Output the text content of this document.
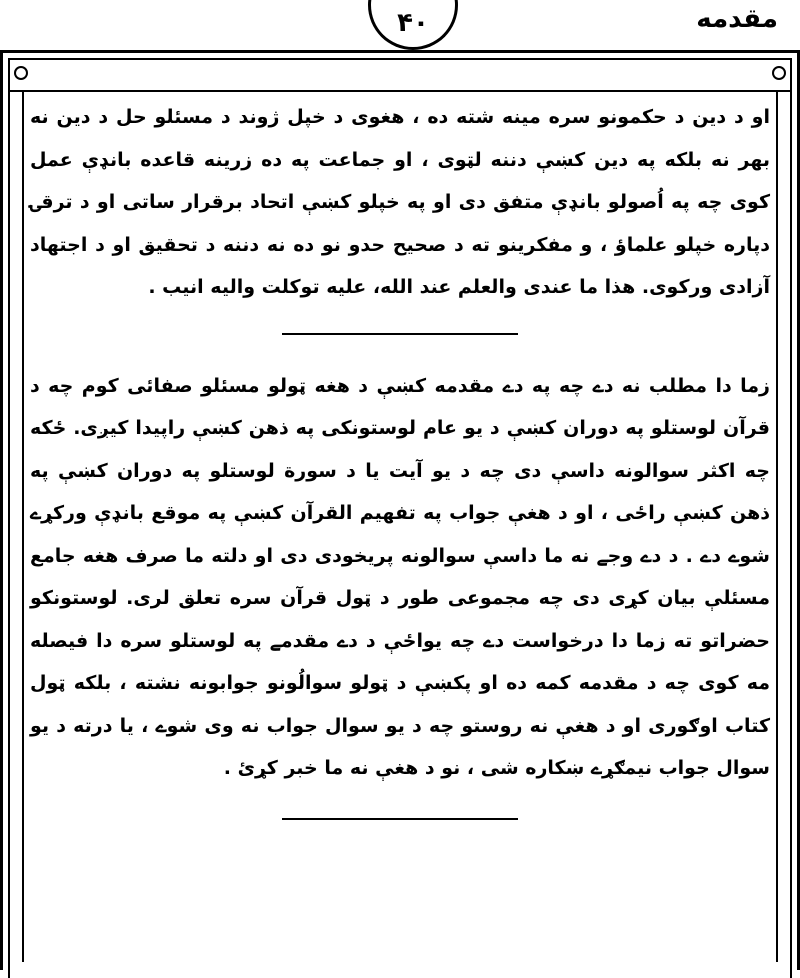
۴۰	مقدمه

او د دین د حکمونو سره مینه شته ده ، هغوی د خپل ژوند د مسئلو حل د دین نه بهر نه بلکه په دین کښې دننه لټوی ، او جماعت په ده زرینه قاعده بانډې عمل کوی چه په اُصولو بانډې متفق دی او په خپلو کښې اتحاد برقرار ساتی او د ترقۍ دپاره خپلو علماؤ ، و مفکرینو ته د صحیح حدو نو ده نه دننه د تحقیق او د اجتهاد آزادی ورکوی. هذا ما عندی والعلم عند الله، علیه توکلت والیه انیب .

زما دا مطلب نه دے چه په دے مقدمه کښې د هغه ټولو مسئلو صفائی کوم چه د قرآن لوستلو په دوران کښې د یو عام لوستونکی په ذهن کښې راپیدا کیږی. ځکه چه اکثر سوالونه داسې دی چه د یو آیت یا د سورة لوستلو په دوران کښې په ذهن کښې راځی ، او د هغې جواب په تفهیم القرآن کښې په موقع بانډې ورکړے شوے دے . د دے وجے نه ما داسې سوالونه پریخودی دی او دلته ما صرف هغه جامع مسئلې بیان کړی دی چه مجموعی طور د ټول قرآن سره تعلق لری. لوستونکو حضراتو ته زما دا درخواست دے چه یواځې د دے مقدمے په لوستلو سره دا فیصله مه کوی چه د مقدمه کمه ده او پکښې د ټولو سوالُونو جوابونه نشته ، بلکه ټول کتاب اوګوری او د هغې نه روستو چه د یو سوال جواب نه وی شوے ، یا درته د یو سوال جواب نیمګړے ښکاره شی ، نو د هغې نه ما خبر کړئ .
